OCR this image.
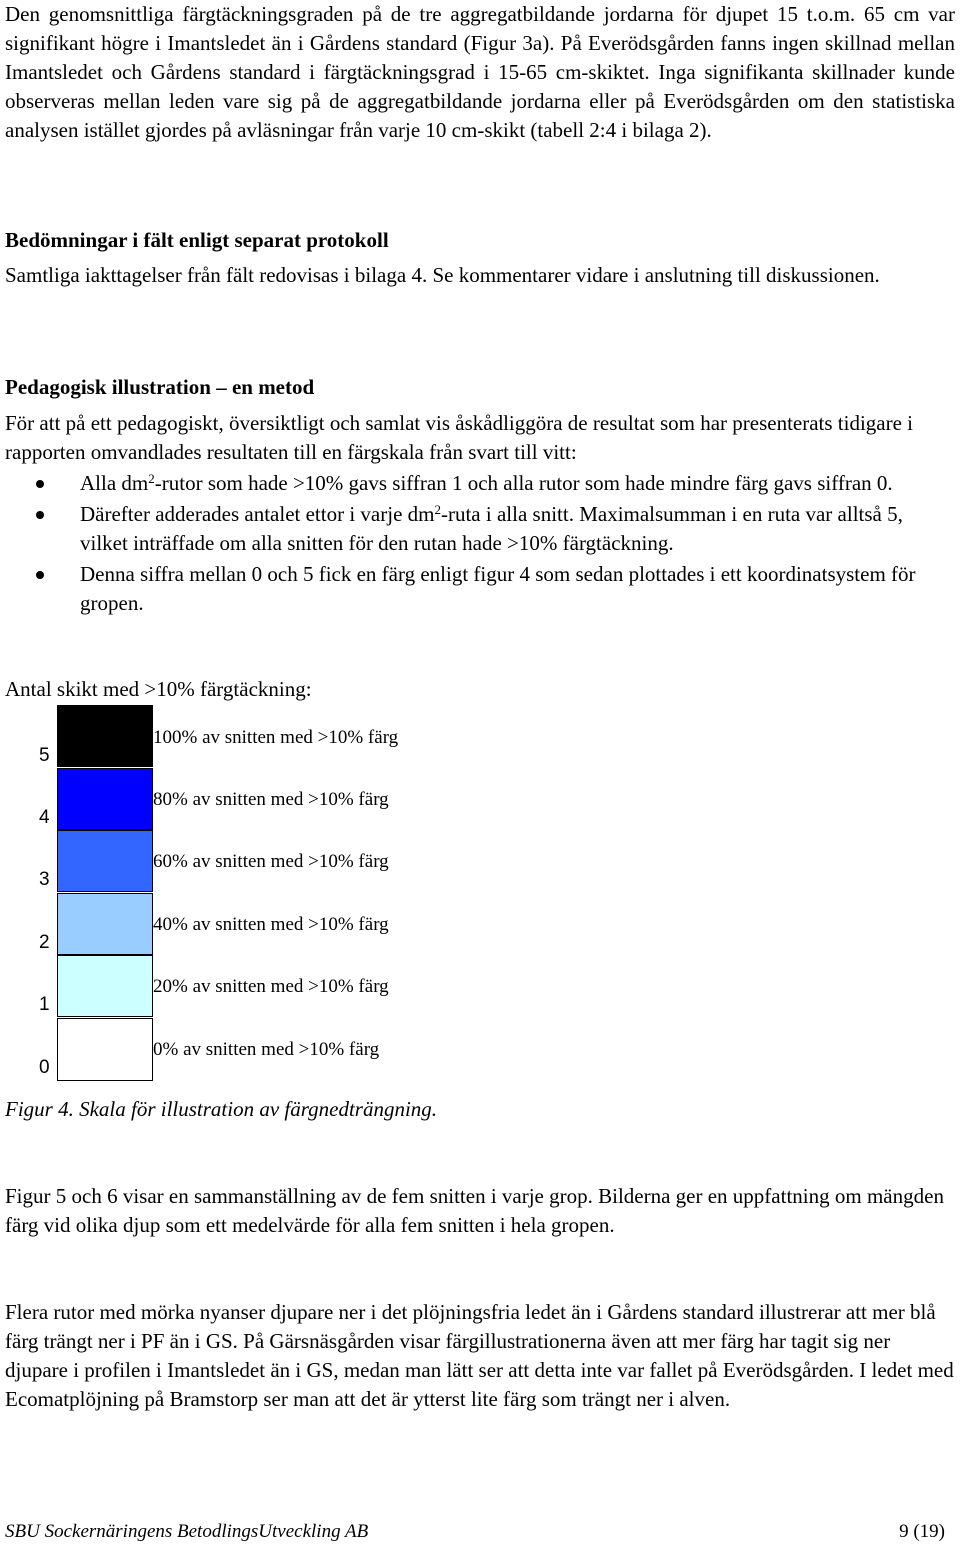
Den genomsnittliga färgtäckningsgraden på de tre aggregatbildande jordarna för djupet 15 t.o.m. 65 cm var signifikant högre i Imantsledet än i Gårdens standard (Figur 3a). På Everödsgården fanns ingen skillnad mellan Imantsledet och Gårdens standard i färgtäckningsgrad i 15-65 cm-skiktet. Inga signifikanta skillnader kunde observeras mellan leden vare sig på de aggregatbildande jordarna eller på Everödsgården om den statistiska analysen istället gjordes på avläsningar från varje 10 cm-skikt (tabell 2:4 i bilaga 2).

Bedömningar i fält enligt separat protokoll

Samtliga iakttagelser från fält redovisas i bilaga 4. Se kommentarer vidare i anslutning till diskussionen.

Pedagogisk illustration – en metod

För att på ett pedagogiskt, översiktligt och samlat vis åskådliggöra de resultat som har presenterats tidigare i rapporten omvandlades resultaten till en färgskala från svart till vitt:

Alla $dm^2$-rutor som hade >10% gavs siffran 1 och alla rutor som hade mindre färg gavs siffran 0.
Därefter adderades antalet ettor i varje $dm^2$-ruta i alla snitt. Maximalsumman i en ruta var alltså 5, vilket inträffade om alla snitten för den rutan hade >10% färgtäckning.
Denna siffra mellan 0 och 5 fick en färg enligt figur 4 som sedan plottades i ett koordinatsystem för gropen.

Antal skikt med >10% färgtäckning:

5
100% av snitten med >10% färg
4
80% av snitten med >10% färg
3
60% av snitten med >10% färg
2
40% av snitten med >10% färg
1
20% av snitten med >10% färg
0
0% av snitten med >10% färg

Figur 4. Skala för illustration av färgnedträngning.

Figur 5 och 6 visar en sammanställning av de fem snitten i varje grop. Bilderna ger en uppfattning om mängden färg vid olika djup som ett medelvärde för alla fem snitten i hela gropen.

Flera rutor med mörka nyanser djupare ner i det plöjningsfria ledet än i Gårdens standard illustrerar att mer blå färg trängt ner i PF än i GS. På Gärsnäsgården visar färgillustrationerna även att mer färg har tagit sig ner djupare i profilen i Imantsledet än i GS, medan man lätt ser att detta inte var fallet på Everödsgården. I ledet med Ecomatplöjning på Bramstorp ser man att det är ytterst lite färg som trängt ner i alven.

SBU Sockernäringens BetodlingsUtveckling AB	9 (19)
